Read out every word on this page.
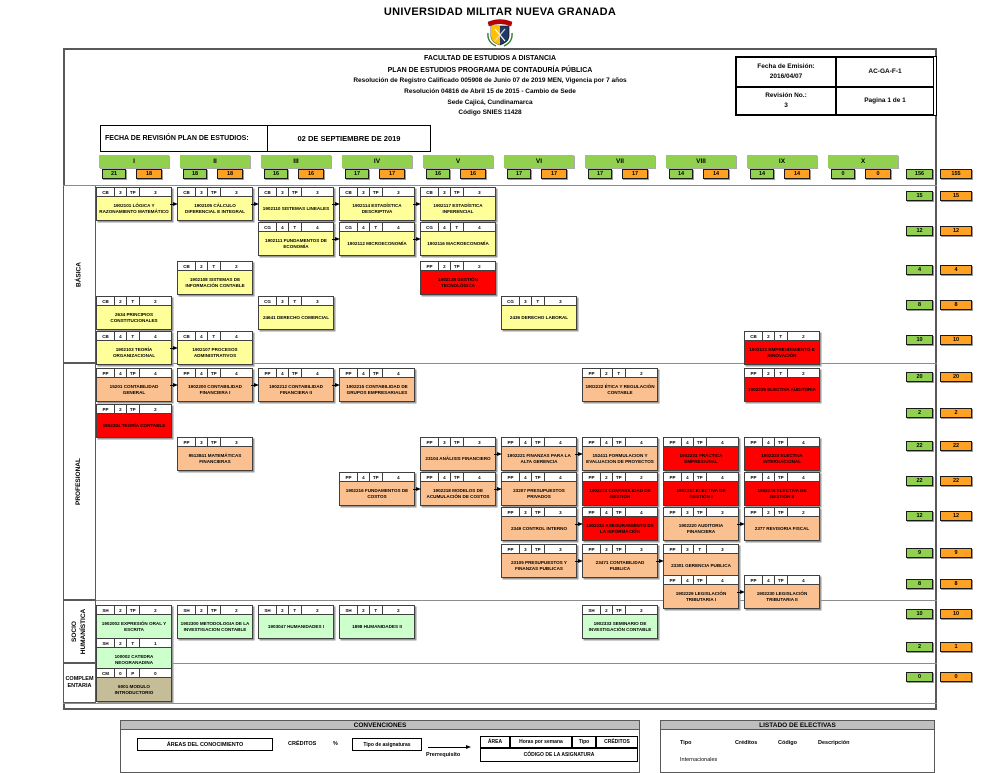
UNIVERSIDAD MILITAR NUEVA GRANADA
FACULTAD DE ESTUDIOS A DISTANCIA
PLAN DE ESTUDIOS PROGRAMA DE CONTADURÍA PÚBLICA
Resolución de Registro Calificado 005908 de Junio 07 de 2019 MEN, Vigencia por 7 años
Resolución 04816 de Abril 15 de 2015 - Cambio de Sede
Sede Cajicá, Cundinamarca
Código SNIES 11428
Fecha de Emisión:
2016/04/07
AC-GA-F-1
Revisión No.:
3
Pagina 1 de 1
FECHA DE REVISIÓN PLAN DE ESTUDIOS:	02 DE SEPTIEMBRE DE 2019
I
21	18
II
18	18
III
16	16
IV
17	17
V
16	16
VI
17	17
VII
17	17
VIII
14	14
IX
14	14
X
0	0	156	155
15	15
12	12
4	4
8	8
10	10
20	20
2	2
22	22
22	22
12	12
9	9
8	8
10	10
2	1
0	0
BÁSICA
PROFESIONAL
SOCIO HUMANÍSTICA
COMPLEMENTARIA
CB	3	TP	3
1902101 LÓGICA Y RAZONAMIENTO MATEMÁTICO
CB	3	TP	3
1902105 CÁLCULO DIFERENCIAL E INTEGRAL
CB	3	TP	3
1902110 SISTEMAS LINEALES
CB	3	TP	3
1902114 ESTADÍSTICA DESCRIPTIVA
CB	3	TP	3
1902117 ESTADÍSTICA INFERENCIAL
CG	4	T	4
1902111 FUNDAMENTOS DE ECONOMÍA
CG	4	T	4
1902112 MICROECONOMÍA
CG	4	T	4
1902116 MACROECONOMÍA
CB	2	T	2
1902108 SISTEMAS DE INFORMACIÓN CONTABLE
PP	2	TP	2
1902128 GESTIÓN TECNOLÓGICA
CB	2	T	2
2634 PRINCIPIOS CONSTITUCIONALES
CG	3	T	3
24641 DERECHO COMERCIAL
CG	3	T	3
2436 DERECHO LABORAL
CB	4	T	4
1902103 TEORÍA ORGANIZACIONAL
CB	4	T	4
1902107 PROCESOS ADMINISTRATIVOS
CB	2	T	2
1902131 EMPRENDIMIENTO E INNOVACIÓN
PP	4	TP	4
15201 CONTABILIDAD GENERAL
PP	4	TP	4
1902200 CONTABILIDAD FINANCIERA I
PP	4	TP	4
1902212 CONTABILIDAD FINANCIERA II
PP	4	TP	4
1902215 CONTABILIDAD DE GRUPOS EMPRESARIALES
PP	2	T	2
1902222 ÉTICA Y REGULACIÓN CONTABLE
PP	2	T	2
1902225 ELECTIVA AUDITORIA
PP	2	TP	2
1902204 TEORÍA CONTABLE
PP	3	TP	3
9513841 MATEMÁTICAS FINANCIERAS
PP	3	TP	3
23104 ANÁLISIS FINANCIERO
PP	4	TP	4
1902221 FINANZAS PARA LA ALTA GERENCIA
PP	4	TP	4
152411 FORMULACION Y EVALUACION DE PROYECTOS
PP	4	TP	4
1902231 PRÁCTICA EMPRESARIAL
PP	4	TP	4
1902233 ELECTIVA INTERNACIONAL
PP	4	TP	4
1902216 FUNDAMENTOS DE COSTOS
PP	4	TP	4
1902218 MODELOS DE ACUMULACIÓN DE COSTOS
PP	4	TP	4
23207 PRESUPUESTOS PRIVADOS
PP	2	TP	2
1902223 CONTABILIDAD DE GESTIÓN
PP	4	TP	4
1902232 ELECTIVA DE GESTIÓN I
PP	4	TP	4
1902235 ELECTIVA DE GESTIÓN II
PP	3	TP	3
2349 CONTROL INTERNO
PP	4	TP	4
1902224 ASEGURAMIENTO DE LA INFORMACIÓN
PP	3	TP	3
1902220 AUDITORIA FINANCIERA
PP	2	TP	2
2377 REVISORIA FISCAL
PP	3	TP	3
23105 PRESUPUESTOS Y FINANZAS PUBLICAS
PP	3	TP	3
23471 CONTABILIDAD PUBLICA
PP	3	T	3
23301 GERENCIA PUBLICA
PP	4	TP	4
1902229 LEGISLACIÓN TRIBUTARIA I
PP	4	TP	4
1902230 LEGISLACIÓN TRIBUTARIA II
SH	2	TP	2
1902002 EXPRESIÓN ORAL Y ESCRITA
SH	2	TP	2
1902300 METODOLOGIA DE LA INVESTIGACION CONTABLE
SH	2	T	2
1903047 HUMANIDADES I
SH	2	T	2
1898 HUMANIDADES II
SH	2	TP	2
1902333 SEMINARIO DE INVESTIGACIÓN CONTABLE
SH	2	T	1
100002 CATEDRA NEOGRANADINA
CM	0	P	0
6001 MODULO INTRODUCTORIO
CONVENCIONES
ÁREAS DEL CONOCIMIENTO	CRÉDITOS	%	Tipo de asignaturas
Prerrequisito
ÁREA	Horas por semana	Tipo	CRÉDITOS
CÓDIGO DE LA ASIGNATURA
LISTADO DE ELECTIVAS
Tipo	Créditos	Código	Descripción
Internacionales
